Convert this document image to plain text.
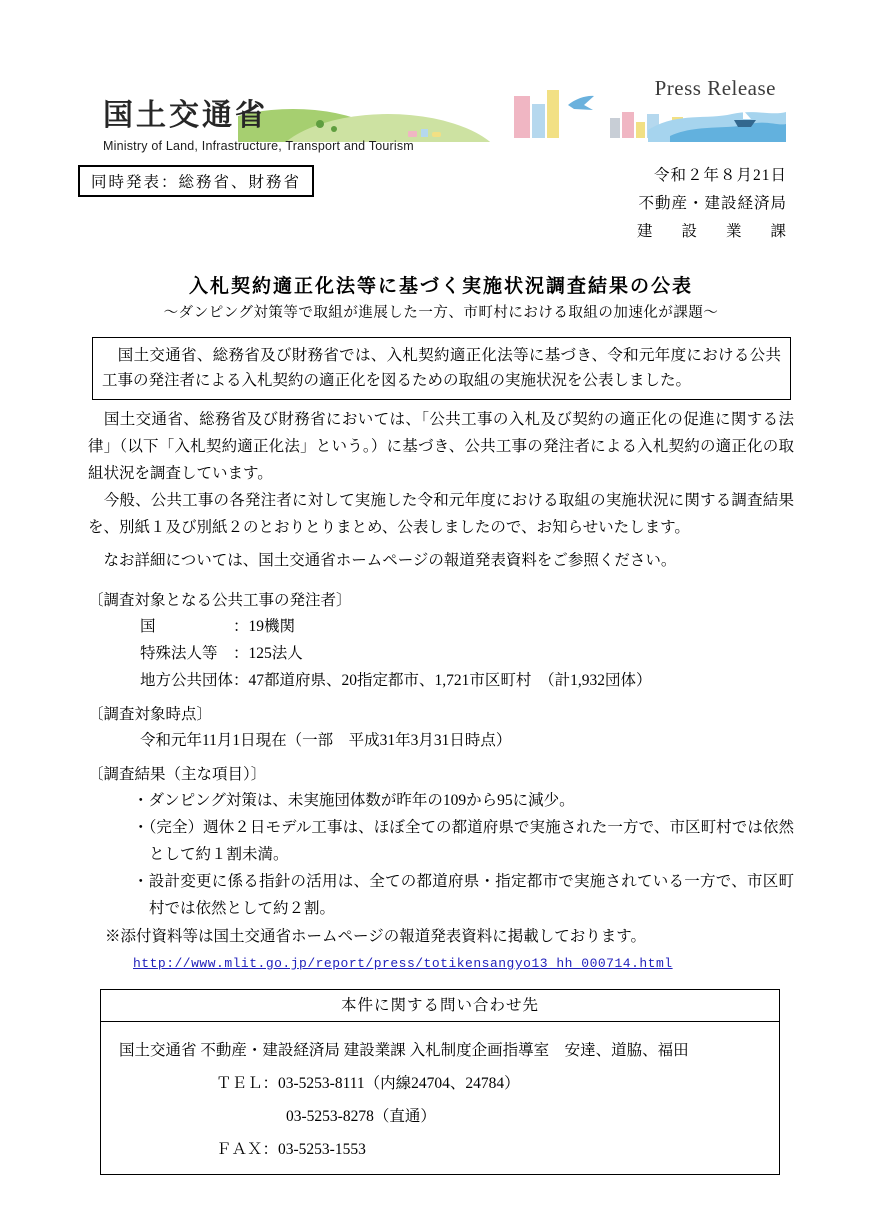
Press Release
国土交通省
Ministry of Land, Infrastructure, Transport and Tourism
同時発表：総務省、財務省	令和２年８月21日
不動産・建設経済局
建設業課
入札契約適正化法等に基づく実施状況調査結果の公表
～ダンピング対策等で取組が進展した一方、市町村における取組の加速化が課題～
　国土交通省、総務省及び財務省では、入札契約適正化法等に基づき、令和元年度における公共工事の発注者による入札契約の適正化を図るための取組の実施状況を公表しました。

　国土交通省、総務省及び財務省においては、「公共工事の入札及び契約の適正化の促進に関する法律」（以下「入札契約適正化法」という。）に基づき、公共工事の発注者による入札契約の適正化の取組状況を調査しています。

　今般、公共工事の各発注者に対して実施した令和元年度における取組の実施状況に関する調査結果を、別紙１及び別紙２のとおりとりまとめ、公表しましたので、お知らせいたします。

　なお詳細については、国土交通省ホームページの報道発表資料をご参照ください。

〔調査対象となる公共工事の発注者〕
国　　　　　：19機関
特殊法人等　：125法人
地方公共団体：47都道府県、20指定都市、1,721市区町村　（計1,932団体）
〔調査対象時点〕
令和元年11月1日現在（一部　平成31年3月31日時点）
〔調査結果（主な項目）〕
・ダンピング対策は、未実施団体数が昨年の109から95に減少。
・（完全）週休２日モデル工事は、ほぼ全ての都道府県で実施された一方で、市区町村では依然として約１割未満。
・設計変更に係る指針の活用は、全ての都道府県・指定都市で実施されている一方で、市区町村では依然として約２割。
※添付資料等は国土交通省ホームページの報道発表資料に掲載しております。
http://www.mlit.go.jp/report/press/totikensangyo13_hh_000714.html
本件に関する問い合わせ先
国土交通省 不動産・建設経済局 建設業課 入札制度企画指導室　安達、道脇、福田
ＴＥＬ：03-5253-8111（内線24704、24784）
03-5253-8278（直通）
ＦＡＸ：03-5253-1553
